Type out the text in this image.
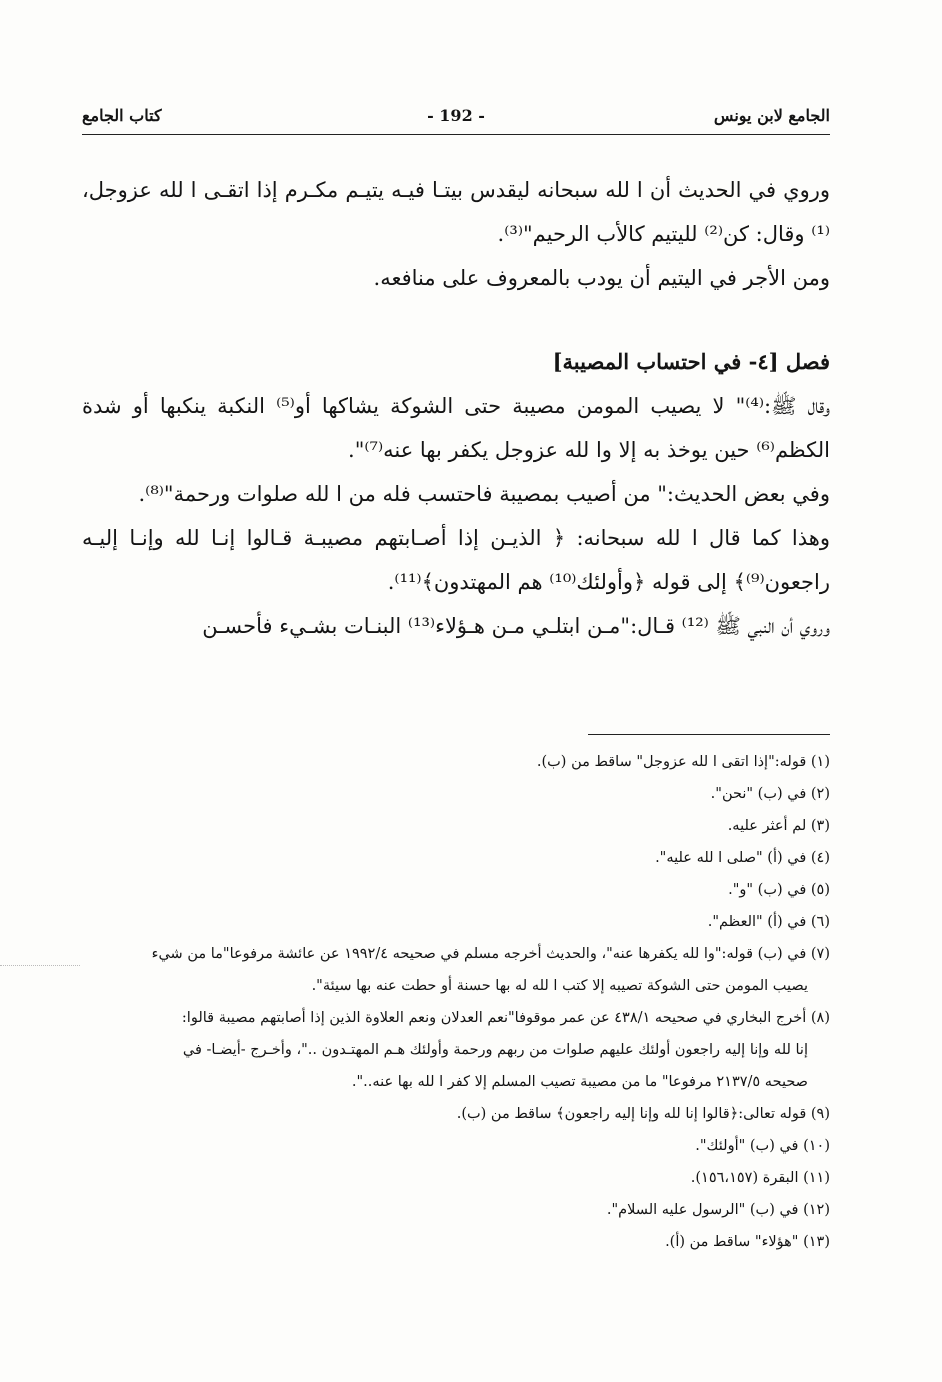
الجامع لابن يونس
- 192 -
كتاب الجامع

وروي في الحديث أن ا لله سبحانه ليقدس بيتـا فيـه يتيـم مكـرم إذا اتقـى ا لله عزوجل،⁽¹⁾ وقال: كن⁽²⁾ لليتيم كالأب الرحيم"⁽³⁾.

ومن الأجر في اليتيم أن يودب بالمعروف على منافعه.

فصل [٤- في احتساب المصيبة]

وقال ﷺ:⁽⁴⁾" لا يصيب المومن مصيبة حتى الشوكة يشاكها أو⁽⁵⁾ النكبة ينكبها أو شدة الكظم⁽⁶⁾ حين يوخذ به إلا وا لله عزوجل يكفر بها عنه⁽⁷⁾".

وفي بعض الحديث:" من أصيب بمصيبة فاحتسب فله من ا لله صلوات ورحمة"⁽⁸⁾.

وهذا كما قال ا لله سبحانه: ﴿ الذيـن إذا أصـابتهم مصيبـة قـالوا إنـا لله وإنـا إليـه راجعون⁽⁹⁾﴾ إلى قوله ﴿وأولئك⁽¹⁰⁾ هم المهتدون﴾⁽¹¹⁾.

وروي أن النبي ﷺ ⁽¹²⁾ قـال:"مـن ابتلـي مـن هـؤلاء⁽¹³⁾ البنـات بشـيء فأحسـن

(١) قوله:"إذا اتقى ا لله عزوجل" ساقط من (ب).

(٢) في (ب) "نحن".

(٣) لم أعثر عليه.

(٤) في (أ) "صلى ا لله عليه".

(٥) في (ب) "و".

(٦) في (أ) "العظم".

(٧) في (ب) قوله:"وا لله يكفرها عنه"، والحديث أخرجه مسلم في صحيحه ١٩٩٢/٤ عن عائشة مرفوعا"ما من شيء

يصيب المومن حتى الشوكة تصيبه إلا كتب ا لله له بها حسنة أو حطت عنه بها سيئة".

(٨) أخرج البخاري في صحيحه ٤٣٨/١ عن عمر موقوفا"نعم العدلان ونعم العلاوة الذين إذا أصابتهم مصيبة قالوا:

إنا لله وإنا إليه راجعون أولئك عليهم صلوات من ربهم ورحمة وأولئك هـم المهتـدون .."، وأخـرج -أيضـا- في

صحيحه ٢١٣٧/٥ مرفوعا" ما من مصيبة تصيب المسلم إلا كفر ا لله بها عنه..".

(٩) قوله تعالى:﴿قالوا إنا لله وإنا إليه راجعون﴾ ساقط من (ب).

(١٠) في (ب) "أولئك".

(١١) البقرة (١٥٦،١٥٧).

(١٢) في (ب) "الرسول عليه السلام".

(١٣) "هؤلاء" ساقط من (أ).
